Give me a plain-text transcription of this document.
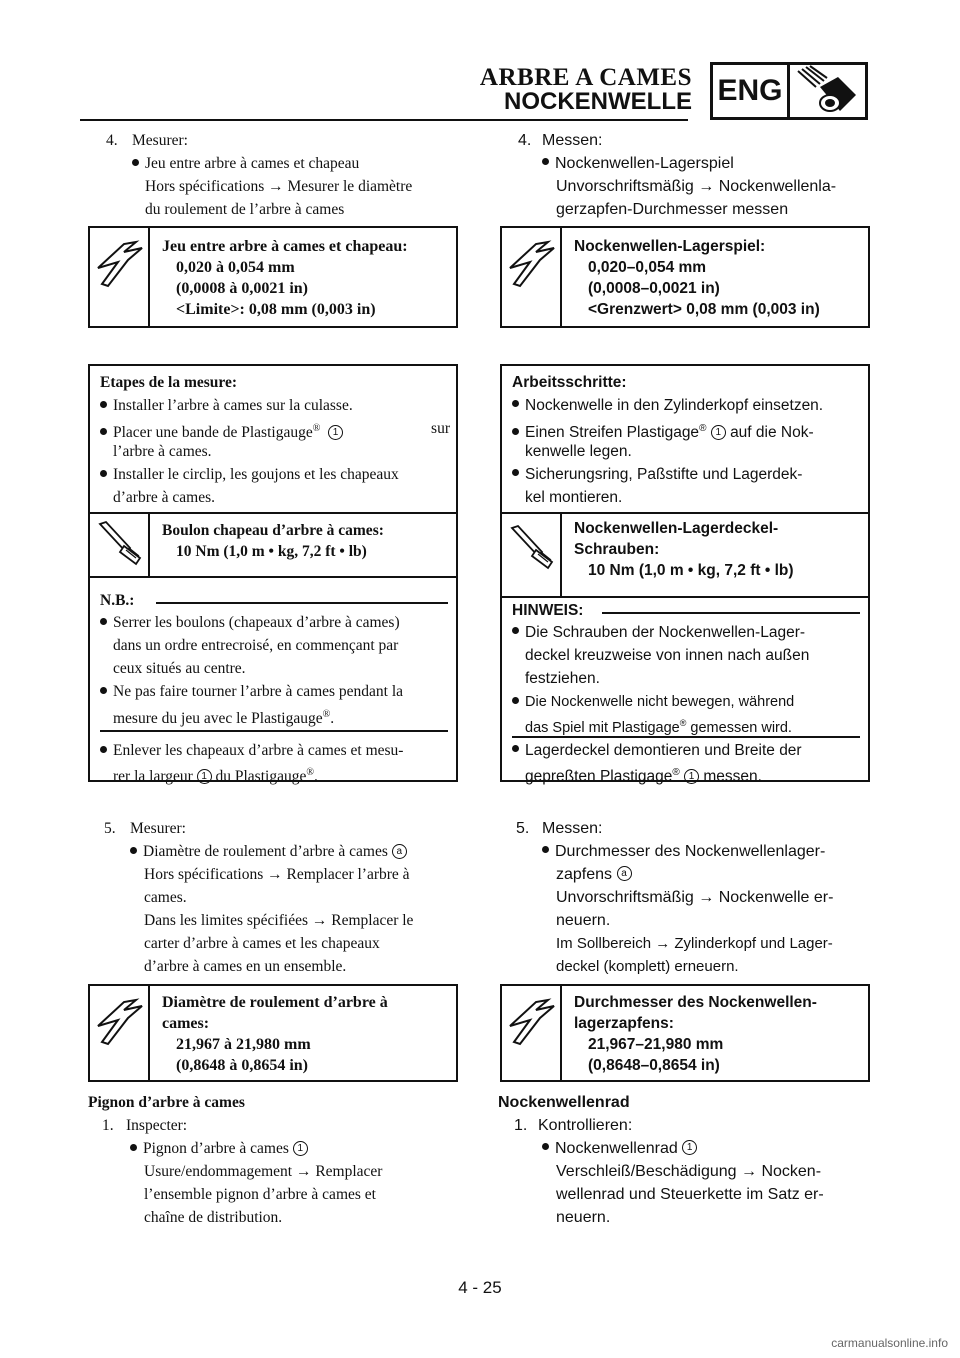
ARBRE A CAMES
NOCKENWELLE ENG
4. Mesurer:
Jeu entre arbre à cames et chapeau
Hors spécifications → Mesurer le diamètre
du roulement de l’arbre à cames
Jeu entre arbre à cames et chapeau:
0,020 à 0,054 mm
(0,0008 à 0,0021 in)
<Limite>: 0,08 mm (0,003 in)
Etapes de la mesure:
Installer l’arbre à cames sur la culasse.
Placer une bande de Plastigauge® 1	sur
l’arbre à cames.
Installer le circlip, les goujons et les chapeaux
d’arbre à cames.
Boulon chapeau d’arbre à cames:
10 Nm (1,0 m • kg, 7,2 ft • lb)
N.B.:
Serrer les boulons (chapeaux d’arbre à cames)
dans un ordre entrecroisé, en commençant par
ceux situés au centre.
Ne pas faire tourner l’arbre à cames pendant la
mesure du jeu avec le Plastigauge®.
Enlever les chapeaux d’arbre à cames et mesu-
rer la largeur 1 du Plastigauge®.
5. Mesurer:
Diamètre de roulement d’arbre à cames a
Hors spécifications → Remplacer l’arbre à
cames.
Dans les limites spécifiées → Remplacer le
carter d’arbre à cames et les chapeaux
d’arbre à cames en un ensemble.
Diamètre de roulement d’arbre à
cames:
21,967 à 21,980 mm
(0,8648 à 0,8654 in)
Pignon d’arbre à cames
1. Inspecter:
Pignon d’arbre à cames 1
Usure/endommagement → Remplacer
l’ensemble pignon d’arbre à cames et
chaîne de distribution.
4. Messen:
Nockenwellen-Lagerspiel
Unvorschriftsmäßig → Nockenwellenla-
gerzapfen-Durchmesser messen
Nockenwellen-Lagerspiel:
0,020–0,054 mm
(0,0008–0,0021 in)
<Grenzwert> 0,08 mm (0,003 in)
Arbeitsschritte:
Nockenwelle in den Zylinderkopf einsetzen.
Einen Streifen Plastigage® 1 auf die Nok-
kenwelle legen.
Sicherungsring, Paßstifte und Lagerdek-
kel montieren.
Nockenwellen-Lagerdeckel-
Schrauben:
10 Nm (1,0 m • kg, 7,2 ft • lb)
HINWEIS:
Die Schrauben der Nockenwellen-Lager-
deckel kreuzweise von innen nach außen
festziehen.
Die Nockenwelle nicht bewegen, während
das Spiel mit Plastigage® gemessen wird.
Lagerdeckel demontieren und Breite der
gepreßten Plastigage® 1 messen.
5. Messen:
Durchmesser des Nockenwellenlager-
zapfens a
Unvorschriftsmäßig → Nockenwelle er-
neuern.
Im Sollbereich → Zylinderkopf und Lager-
deckel (komplett) erneuern.
Durchmesser des Nockenwellen-
lagerzapfens:
21,967–21,980 mm
(0,8648–0,8654 in)
Nockenwellenrad
1. Kontrollieren:
Nockenwellenrad 1
Verschleiß/Beschädigung → Nocken-
wellenrad und Steuerkette im Satz er-
neuern.
4 - 25
carmanualsonline.info
